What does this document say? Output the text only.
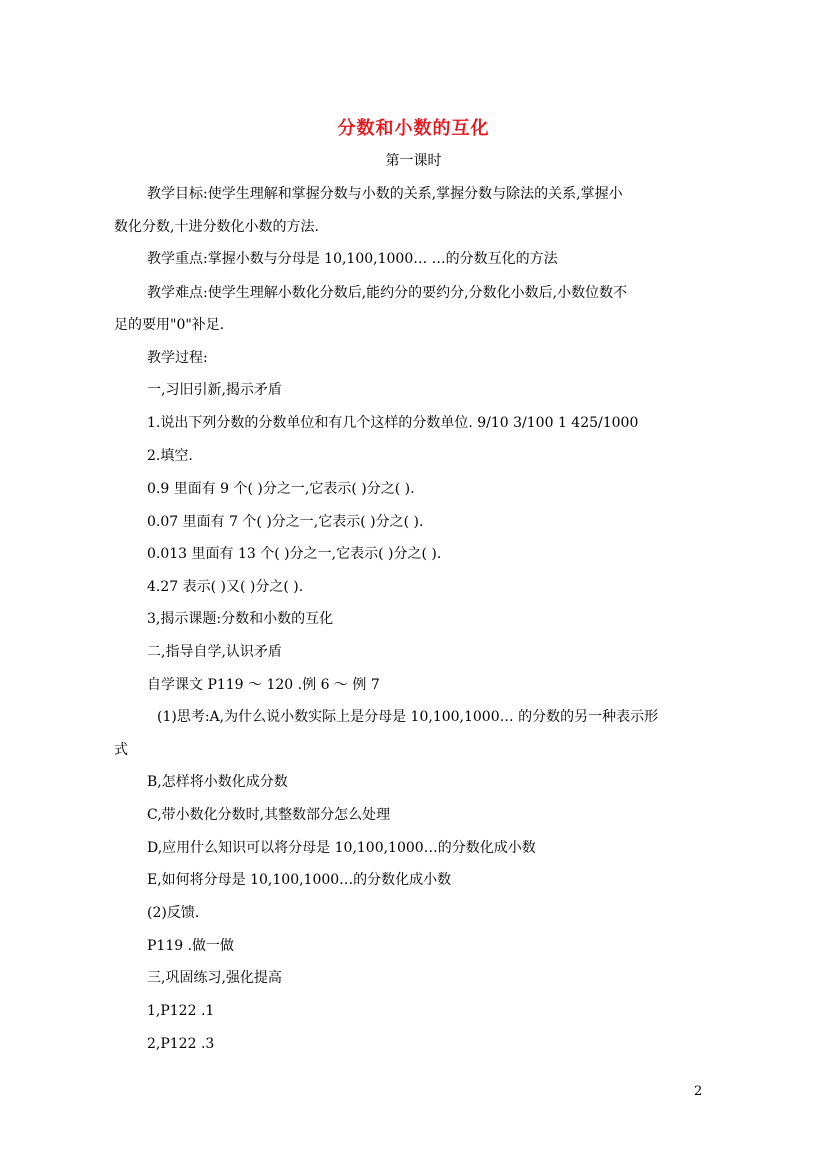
分数和小数的互化
第一课时
教学目标:使学生理解和掌握分数与小数的关系,掌握分数与除法的关系,掌握小
数化分数,十进分数化小数的方法.
教学重点:掌握小数与分母是 10,100,1000… …的分数互化的方法
教学难点:使学生理解小数化分数后,能约分的要约分,分数化小数后,小数位数不
足的要用"0"补足.
教学过程:
一,习旧引新,揭示矛盾
1.说出下列分数的分数单位和有几个这样的分数单位. 9/10 3/100 1 425/1000
2.填空.
0.9 里面有 9 个( )分之一,它表示( )分之( ).
0.07 里面有 7 个( )分之一,它表示( )分之( ).
0.013 里面有 13 个( )分之一,它表示( )分之( ).
4.27 表示( )又( )分之( ).
3,揭示课题:分数和小数的互化
二,指导自学,认识矛盾
自学课文 P119 ～ 120 .例 6 ～ 例 7
(1)思考:A,为什么说小数实际上是分母是 10,100,1000… 的分数的另一种表示形
式
B,怎样将小数化成分数
C,带小数化分数时,其整数部分怎么处理
D,应用什么知识可以将分母是 10,100,1000…的分数化成小数
E,如何将分母是 10,100,1000…的分数化成小数
(2)反馈.
P119 .做一做
三,巩固练习,强化提高
1,P122 .1
2,P122 .3
2
